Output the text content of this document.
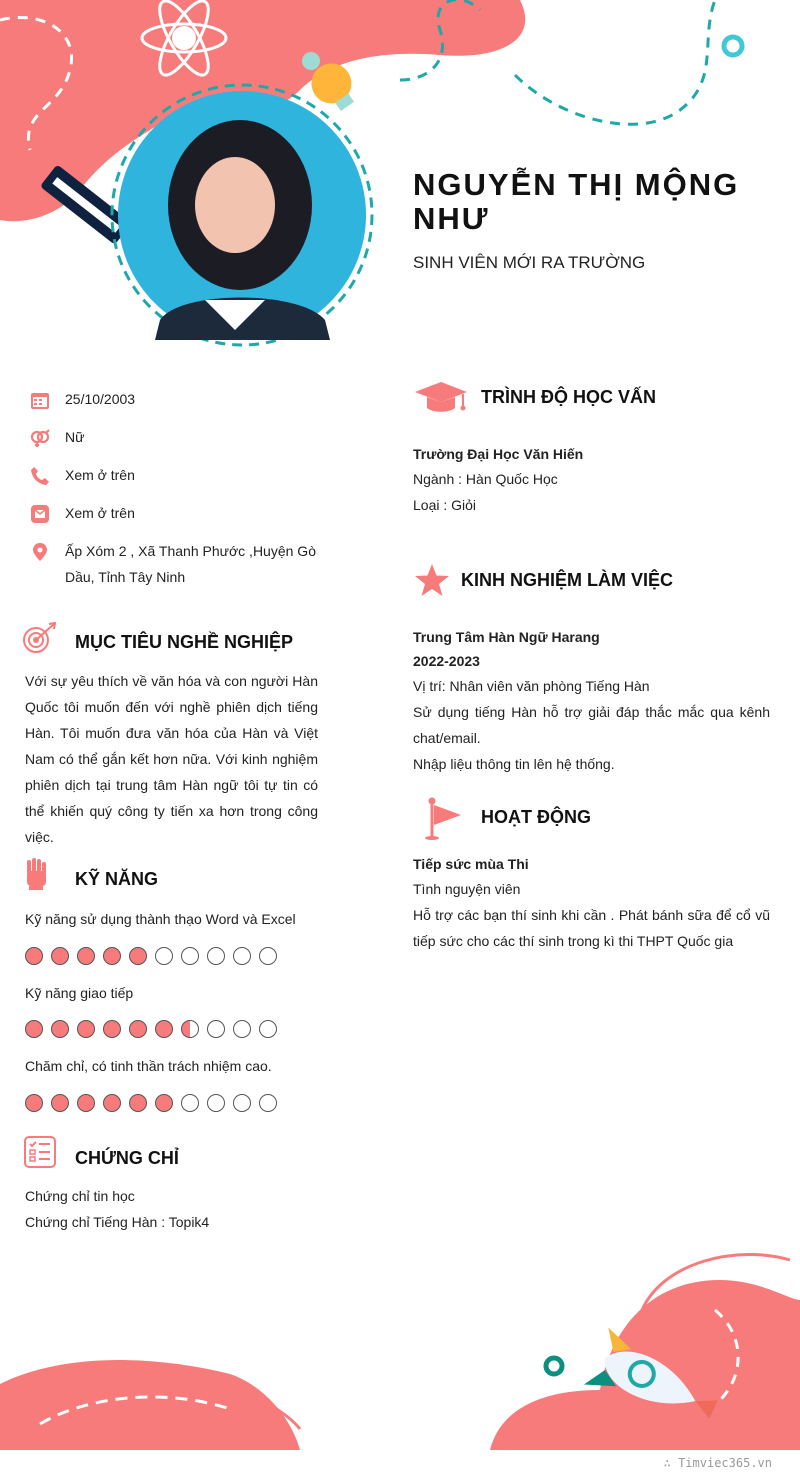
NGUYỄN THỊ MỘNG NHƯ
SINH VIÊN MỚI RA TRƯỜNG
25/10/2003
Nữ
Xem ở trên
Xem ở trên
Ấp Xóm 2 , Xã Thanh Phước ,Huyện Gò Dầu, Tỉnh Tây Ninh
MỤC TIÊU NGHỀ NGHIỆP
Với sự yêu thích về văn hóa và con người Hàn Quốc tôi muốn đến với nghề phiên dịch tiếng Hàn. Tôi muốn đưa văn hóa của Hàn và Việt Nam có thể gắn kết hơn nữa. Với kinh nghiệm phiên dịch tại trung tâm Hàn ngữ tôi tự tin có thể khiến quý công ty tiến xa hơn trong công việc.
KỸ NĂNG
Kỹ năng sử dụng thành thạo Word và Excel
Kỹ năng giao tiếp
Chăm chỉ, có tinh thần trách nhiệm cao.
CHỨNG CHỈ
Chứng chỉ tin học
Chứng chỉ Tiếng Hàn : Topik4
TRÌNH ĐỘ HỌC VẤN
Trường Đại Học Văn Hiến
Ngành : Hàn Quốc Học
Loại : Giỏi
KINH NGHIỆM LÀM VIỆC
Trung Tâm Hàn Ngữ Harang
2022-2023
Vị trí: Nhân viên văn phòng Tiếng Hàn
Sử dụng tiếng Hàn hỗ trợ giải đáp thắc mắc qua kênh chat/email.
Nhập liệu thông tin lên hệ thống.
HOẠT ĐỘNG
Tiếp sức mùa Thi
Tình nguyện viên
Hỗ trợ các bạn thí sinh khi cần . Phát bánh sữa để cổ vũ tiếp sức cho các thí sinh trong kì thi THPT Quốc gia
∴ Timviec365.vn
